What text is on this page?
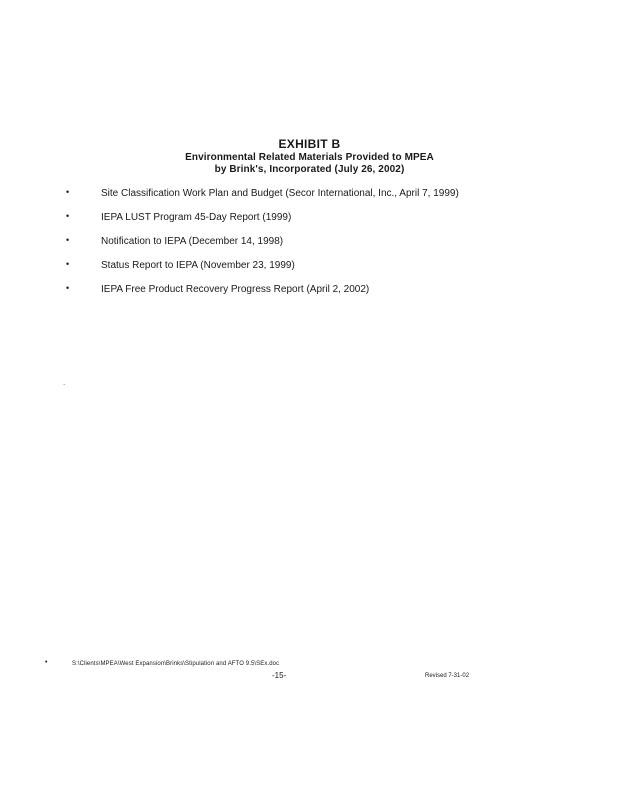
EXHIBIT B
Environmental Related Materials Provided to MPEA
by Brink's, Incorporated (July 26, 2002)
•	Site Classification Work Plan and Budget (Secor International, Inc., April 7, 1999)
•	IEPA LUST Program 45-Day Report (1999)
•	Notification to IEPA (December 14, 1998)
•	Status Report to IEPA (November 23, 1999)
•	IEPA Free Product Recovery Progress Report (April 2, 2002)
.
•	S:\Clients\MPEA\West Expansion\Brinks\Stipulation and AFTO 9.5\SEx.doc
-15-	Revised 7-31-02
